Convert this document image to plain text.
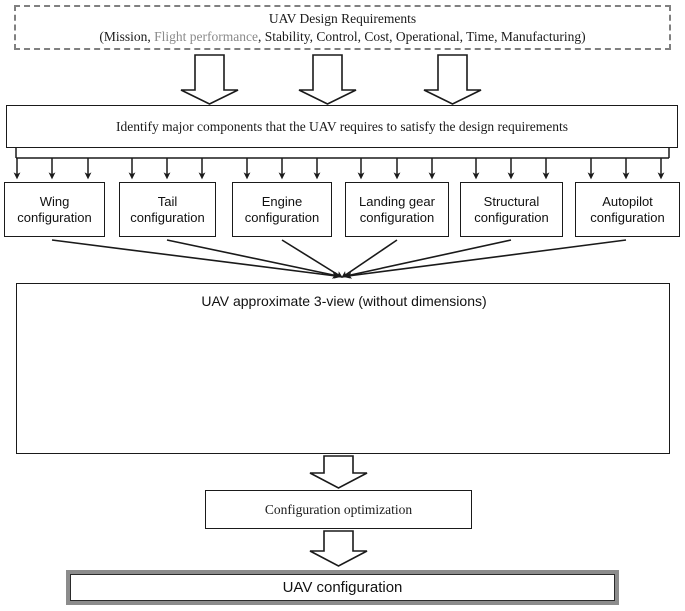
UAV Design Requirements
(Mission, Flight performance, Stability, Control, Cost, Operational, Time, Manufacturing)
Identify major components that the UAV requires to satisfy the design requirements
Wing
configuration
Tail
configuration
Engine
configuration
Landing gear
configuration
Structural
configuration
Autopilot
configuration
UAV approximate 3-view (without dimensions)
Configuration optimization
UAV configuration
